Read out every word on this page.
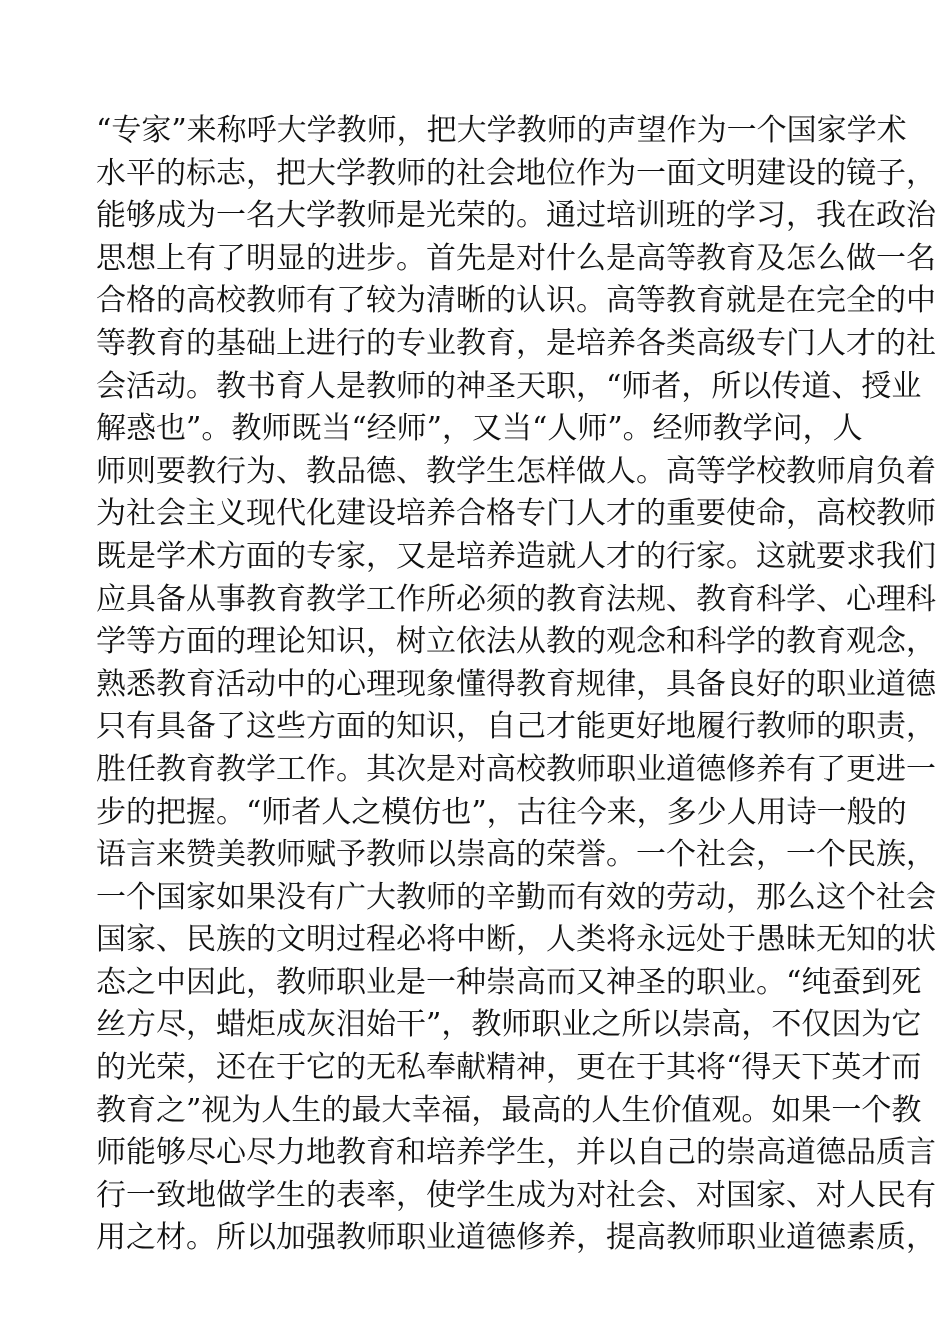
“专家”来称呼大学教师，把大学教师的声望作为一个国家学术
水平的标志，把大学教师的社会地位作为一面文明建设的镜子，
能够成为一名大学教师是光荣的。通过培训班的学习，我在政治
思想上有了明显的进步。首先是对什么是高等教育及怎么做一名
合格的高校教师有了较为清晰的认识。高等教育就是在完全的中
等教育的基础上进行的专业教育，是培养各类高级专门人才的社
会活动。教书育人是教师的神圣天职，“师者，所以传道、授业
解惑也”。教师既当“经师”，又当“人师”。经师教学问，人
师则要教行为、教品德、教学生怎样做人。高等学校教师肩负着
为社会主义现代化建设培养合格专门人才的重要使命，高校教师
既是学术方面的专家，又是培养造就人才的行家。这就要求我们
应具备从事教育教学工作所必须的教育法规、教育科学、心理科
学等方面的理论知识，树立依法从教的观念和科学的教育观念，
熟悉教育活动中的心理现象懂得教育规律，具备良好的职业道德
只有具备了这些方面的知识，自己才能更好地履行教师的职责，
胜任教育教学工作。其次是对高校教师职业道德修养有了更进一
步的把握。“师者人之模仿也”，古往今来，多少人用诗一般的
语言来赞美教师赋予教师以崇高的荣誉。一个社会，一个民族，
一个国家如果没有广大教师的辛勤而有效的劳动，那么这个社会
国家、民族的文明过程必将中断，人类将永远处于愚昧无知的状
态之中因此，教师职业是一种崇高而又神圣的职业。“纯蚕到死
丝方尽，蜡炬成灰泪始干”，教师职业之所以崇高，不仅因为它
的光荣，还在于它的无私奉献精神，更在于其将“得天下英才而
教育之”视为人生的最大幸福，最高的人生价值观。如果一个教
师能够尽心尽力地教育和培养学生，并以自己的崇高道德品质言
行一致地做学生的表率，使学生成为对社会、对国家、对人民有
用之材。所以加强教师职业道德修养，提高教师职业道德素质，
